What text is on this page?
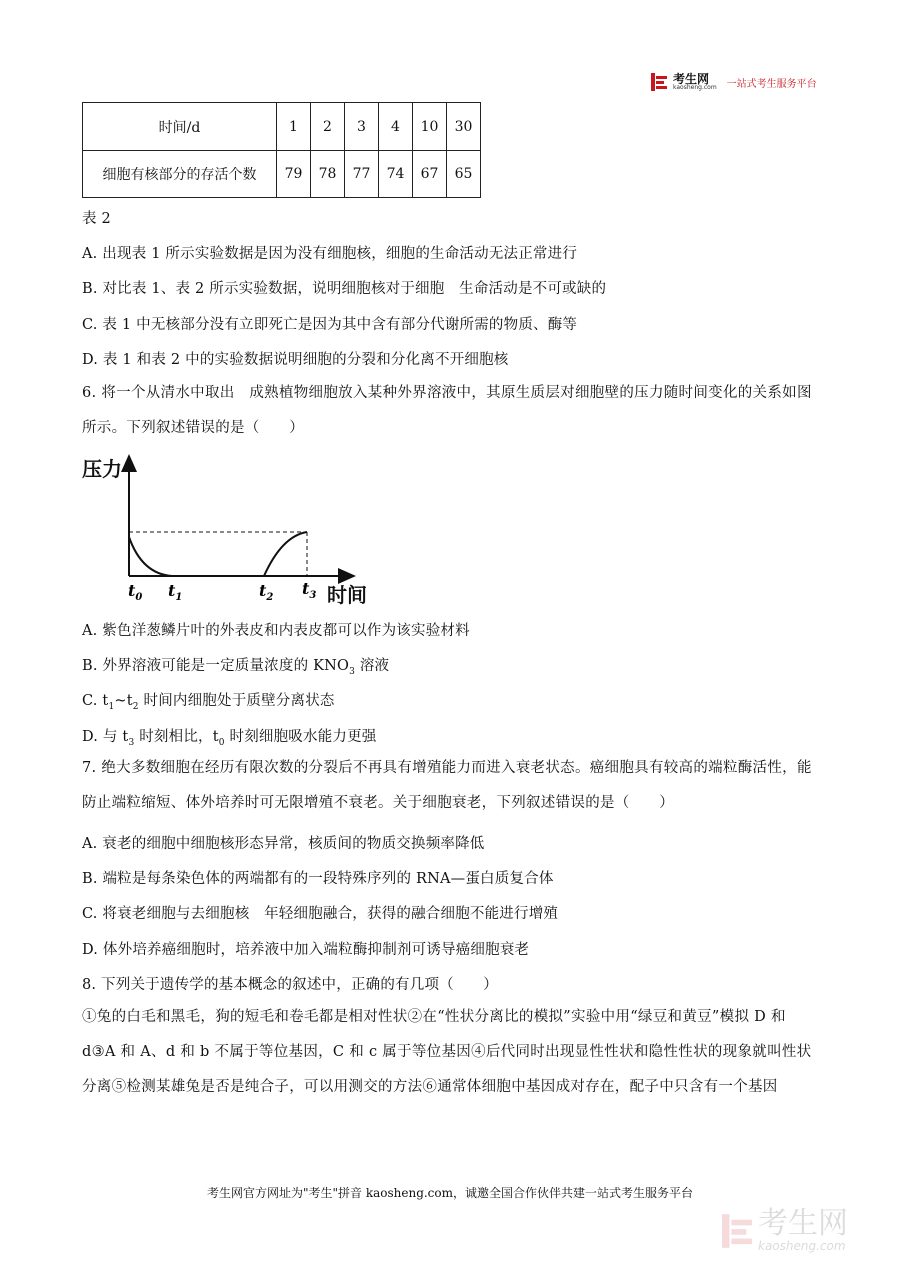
考生网
kaosheng.com 一站式考生服务平台
时间/d	1	2	3	4	10	30
细胞有核部分的存活个数	79	78	77	74	67	65
表 2
A. 出现表 1 所示实验数据是因为没有细胞核，细胞的生命活动无法正常进行
B. 对比表 1、表 2 所示实验数据，说明细胞核对于细胞　生命活动是不可或缺的
C. 表 1 中无核部分没有立即死亡是因为其中含有部分代谢所需的物质、酶等
D. 表 1 和表 2 中的实验数据说明细胞的分裂和分化离不开细胞核
6. 将一个从清水中取出　成熟植物细胞放入某种外界溶液中，其原生质层对细胞壁的压力随时间变化的关系如图所示。下列叙述错误的是（　　）
压力
时间
$t_0$ $t_1$	$t_2$ $t_3$
A. 紫色洋葱鳞片叶的外表皮和内表皮都可以作为该实验材料
B. 外界溶液可能是一定质量浓度的 $KNO_3$ 溶液
C. $t_1\sim t_2$ 时间内细胞处于质壁分离状态
D. 与 $t_3$ 时刻相比，$t_0$ 时刻细胞吸水能力更强
7. 绝大多数细胞在经历有限次数的分裂后不再具有增殖能力而进入衰老状态。癌细胞具有较高的端粒酶活性，能防止端粒缩短、体外培养时可无限增殖不衰老。关于细胞衰老，下列叙述错误的是（　　）
A. 衰老的细胞中细胞核形态异常，核质间的物质交换频率降低
B. 端粒是每条染色体的两端都有的一段特殊序列的 RNA—蛋白质复合体
C. 将衰老细胞与去细胞核　年轻细胞融合，获得的融合细胞不能进行增殖
D. 体外培养癌细胞时，培养液中加入端粒酶抑制剂可诱导癌细胞衰老
8. 下列关于遗传学的基本概念的叙述中，正确的有几项（　　）
①兔的白毛和黑毛，狗的短毛和卷毛都是相对性状②在“性状分离比的模拟”实验中用“绿豆和黄豆”模拟 D 和 d③A 和 A、d 和 b 不属于等位基因，C 和 c 属于等位基因④后代同时出现显性性状和隐性性状的现象就叫性状分离⑤检测某雄兔是否是纯合子，可以用测交的方法⑥通常体细胞中基因成对存在，配子中只含有一个基因
考生网官方网址为"考生"拼音 kaosheng.com，诚邀全国合作伙伴共建一站式考生服务平台
考生网
kaosheng.com
